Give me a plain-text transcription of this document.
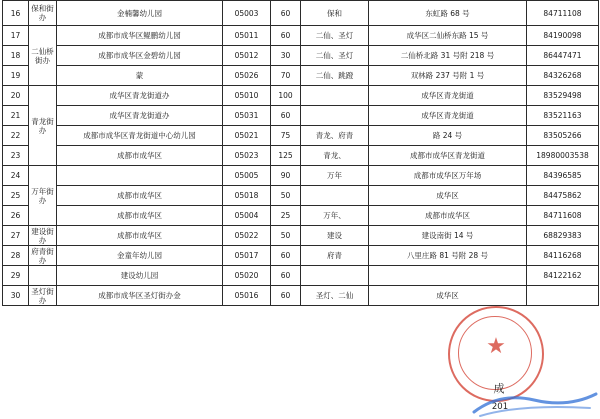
16	保和街办	金楠馨幼儿园	05003	60	保和	东虹路 68 号	84711108
17	二仙桥街办	成都市成华区鲲鹏幼儿园	05011	60	二仙、圣灯	成华区二仙桥东路 15 号	84190098
18		成都市成华区金碧幼儿园	05012	30	二仙、圣灯	二仙桥北路 31 号附 218 号	86447471
19		蒙	05026	70	二仙、跳蹬	双林路 237 号附 1 号	84326268
20	青龙街办	成华区青龙街道办	05010	100		成华区青龙街道	83529498
21		成华区青龙街道办	05031	60		成华区青龙街道	83521163
22		成都市成华区青龙街道中心幼儿园	05021	75	青龙、府青	路 24 号	83505266
23		成都市成华区	05023	125	青龙、	成都市成华区青龙街道	18980003538
24	万年街办		05005	90	万年	成都市成华区万年场	84396585
25		成都市成华区	05018	50		成华区	84475862
26		成都市成华区	05004	25	万年、	成都市成华区	84711608
27	建设街办	成都市成华区	05022	50	建设	建设南街 14 号	68829383
28	府青街办	金童年幼儿园	05017	60	府青	八里庄路 81 号附 28 号	84116268
29		建设幼儿园	05020	60			84122162
30	圣灯街办	成都市成华区圣灯街办金	05016	60	圣灯、二仙	成华区	
★
成
201
